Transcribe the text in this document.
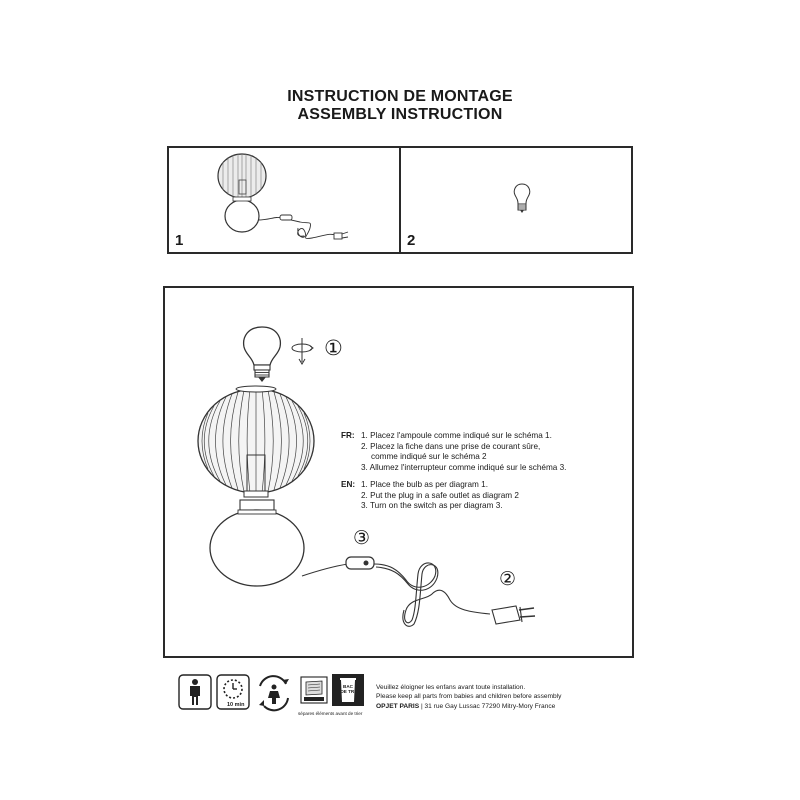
INSTRUCTION DE MONTAGE
ASSEMBLY INSTRUCTION
1	2
①
③
②
FR: 1. Placez l'ampoule comme indiqué sur le schéma 1.
2. Placez la fiche dans une prise de courant sûre,
comme indiqué sur le schéma 2
3. Allumez l'interrupteur comme indiqué sur le schéma 3.
EN: 1. Place the bulb as per diagram 1.
2. Put the plug in a safe outlet as diagram 2
3. Turn on the switch as per diagram 3.
10 min
BAC DE TRI
sépares éléments avant de trier
Veuillez éloigner les enfans avant toute installation.
Please keep all parts from babies and children before assembly
OPJET PARIS | 31 rue Gay Lussac 77290 Mitry-Mory France
